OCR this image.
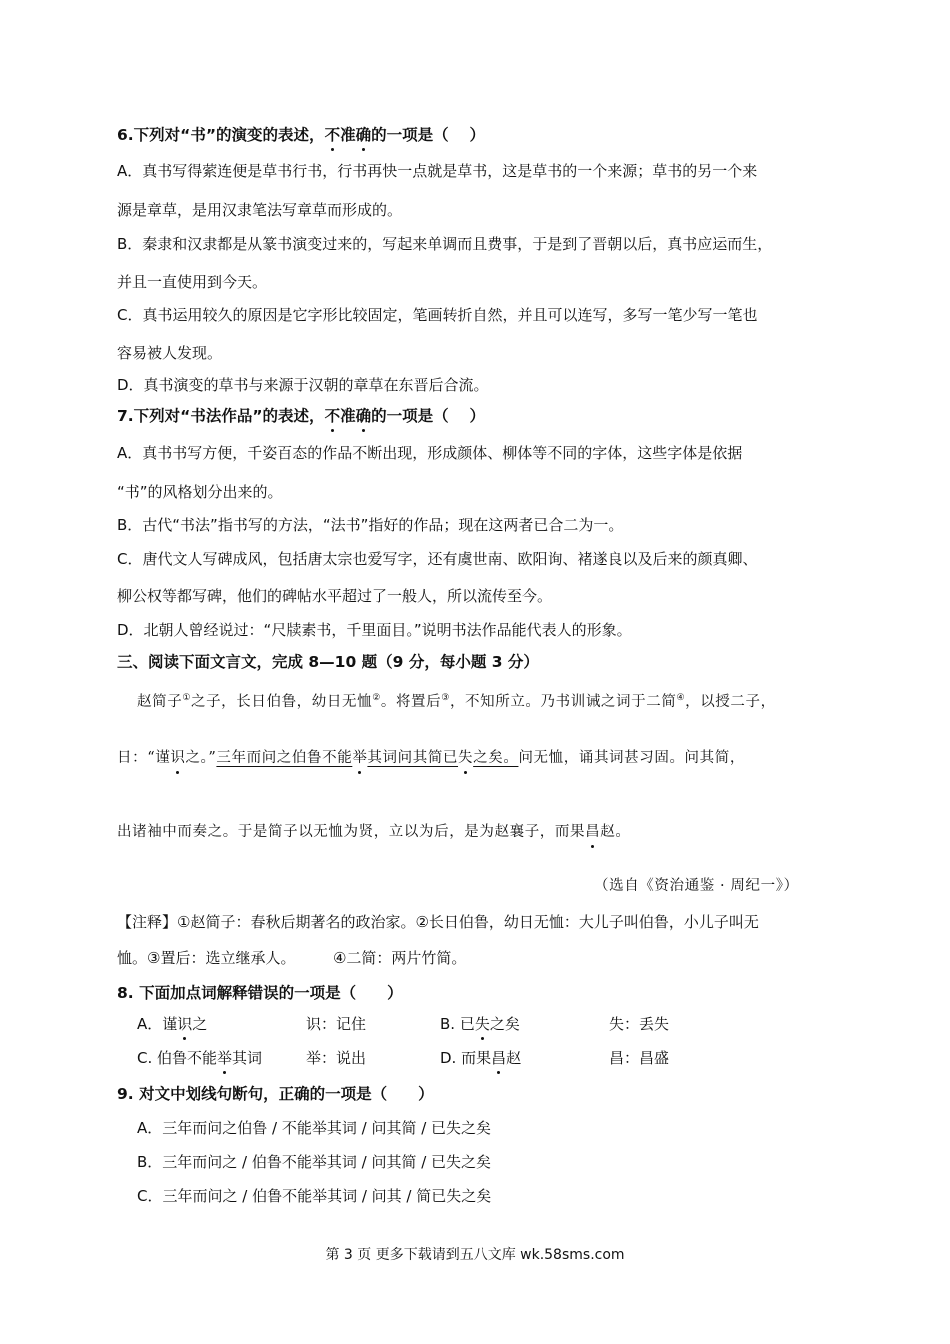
6.下列对“书”的演变的表述，不准确的一项是（　 ）
A．真书写得萦连便是草书行书，行书再快一点就是草书，这是草书的一个来源；草书的另一个来
源是章草，是用汉隶笔法写章草而形成的。
B．秦隶和汉隶都是从篆书演变过来的，写起来单调而且费事，于是到了晋朝以后，真书应运而生，
并且一直使用到今天。
C．真书运用较久的原因是它字形比较固定，笔画转折自然，并且可以连写，多写一笔少写一笔也
容易被人发现。
D．真书演变的草书与来源于汉朝的章草在东晋后合流。
7.下列对“书法作品”的表述，不准确的一项是（　 ）
A．真书书写方便，千姿百态的作品不断出现，形成颜体、柳体等不同的字体，这些字体是依据
“书”的风格划分出来的。
B．古代“书法”指书写的方法，“法书”指好的作品；现在这两者已合二为一。
C．唐代文人写碑成风，包括唐太宗也爱写字，还有虞世南、欧阳询、褚遂良以及后来的颜真卿、
柳公权等都写碑，他们的碑帖水平超过了一般人，所以流传至今。
D．北朝人曾经说过：“尺牍素书，千里面目。”说明书法作品能代表人的形象。
三、阅读下面文言文，完成 8—10 题（9 分，每小题 3 分）
赵简子①之子，长日伯鲁，幼日无恤②。将置后③，不知所立。乃书训诫之词于二简④，以授二子，
日：“谨识之。”三年而问之伯鲁不能举其词问其简已失之矣。问无恤，诵其词甚习固。问其简，
出诸袖中而奏之。于是简子以无恤为贤，立以为后，是为赵襄子，而果昌赵。
（选自《资治通鉴 · 周纪一》）
【注释】①赵简子：春秋后期著名的政治家。②长日伯鲁，幼日无恤：大儿子叫伯鲁，小儿子叫无
恤。③置后：选立继承人。　　　④二简：两片竹简。
8. 下面加点词解释错误的一项是（　　）
A．谨识之	识：记住	B. 已失之矣	失：丢失
C. 伯鲁不能举其词	举：说出	D. 而果昌赵	昌：昌盛
9. 对文中划线句断句，正确的一项是（　　）
A．三年而问之伯鲁 / 不能举其词 / 问其简 / 已失之矣
B．三年而问之 / 伯鲁不能举其词 / 问其简 / 已失之矣
C．三年而问之 / 伯鲁不能举其词 / 问其 / 简已失之矣
第 3 页 更多下载请到五八文库 wk.58sms.com
